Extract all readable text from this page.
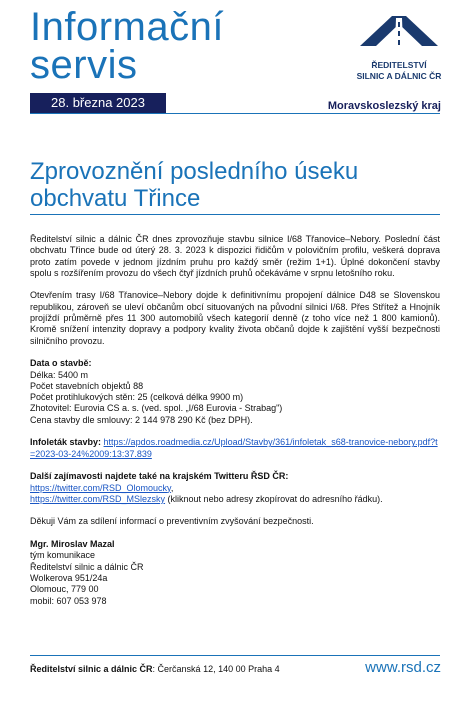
Informační
servis	ŘEDITELSTVÍ
SILNIC A DÁLNIC ČR
28. března 2023	Moravskoslezský kraj
Zprovoznění posledního úseku
obchvatu Třince

Ředitelství silnic a dálnic ČR dnes zprovozňuje stavbu silnice I/68 Třanovice–Nebory. Poslední část obchvatu Třince bude od úterý 28. 3. 2023 k dispozici řidičům v polovičním profilu, veškerá doprava proto zatím povede v jednom jízdním pruhu pro každý směr (režim 1+1). Úplné dokončení stavby spolu s rozšířením provozu do všech čtyř jízdních pruhů očekáváme v srpnu letošního roku.

Otevřením trasy I/68 Třanovice–Nebory dojde k definitivnímu propojení dálnice D48 se Slovenskou republikou, zároveň se uleví občanům obcí situovaných na původní silnici I/68. Přes Střítež a Hnojník projíždí průměrně přes 11 300 automobilů všech kategorií denně (z toho více než 1 800 kamionů). Kromě snížení intenzity dopravy a podpory kvality života občanů dojde k zajištění vyšší bezpečnosti silničního provozu.

Data o stavbě:
Délka: 5400 m
Počet stavebních objektů 88
Počet protihlukových stěn: 25 (celková délka 9900 m)
Zhotovitel: Eurovia CS a. s. (ved. spol. „I/68 Eurovia - Strabag")
Cena stavby dle smlouvy: 2 144 978 290 Kč (bez DPH).

Infoleták stavby: https://apdos.roadmedia.cz/Upload/Stavby/361/infoletak_s68-tranovice-nebory.pdf?t=2023-03-24%2009:13:37.839

Další zajímavosti najdete také na krajském Twitteru ŘSD ČR:
https://twitter.com/RSD_Olomoucky,
https://twitter.com/RSD_MSlezsky (kliknout nebo adresy zkopírovat do adresního řádku).

Děkuji Vám za sdílení informací o preventivním zvyšování bezpečnosti.

Mgr. Miroslav Mazal
tým komunikace
Ředitelství silnic a dálnic ČR
Wolkerova 951/24a
Olomouc, 779 00
mobil: 607 053 978

Ředitelství silnic a dálnic ČR: Čerčanská 12, 140 00 Praha 4	www.rsd.cz
